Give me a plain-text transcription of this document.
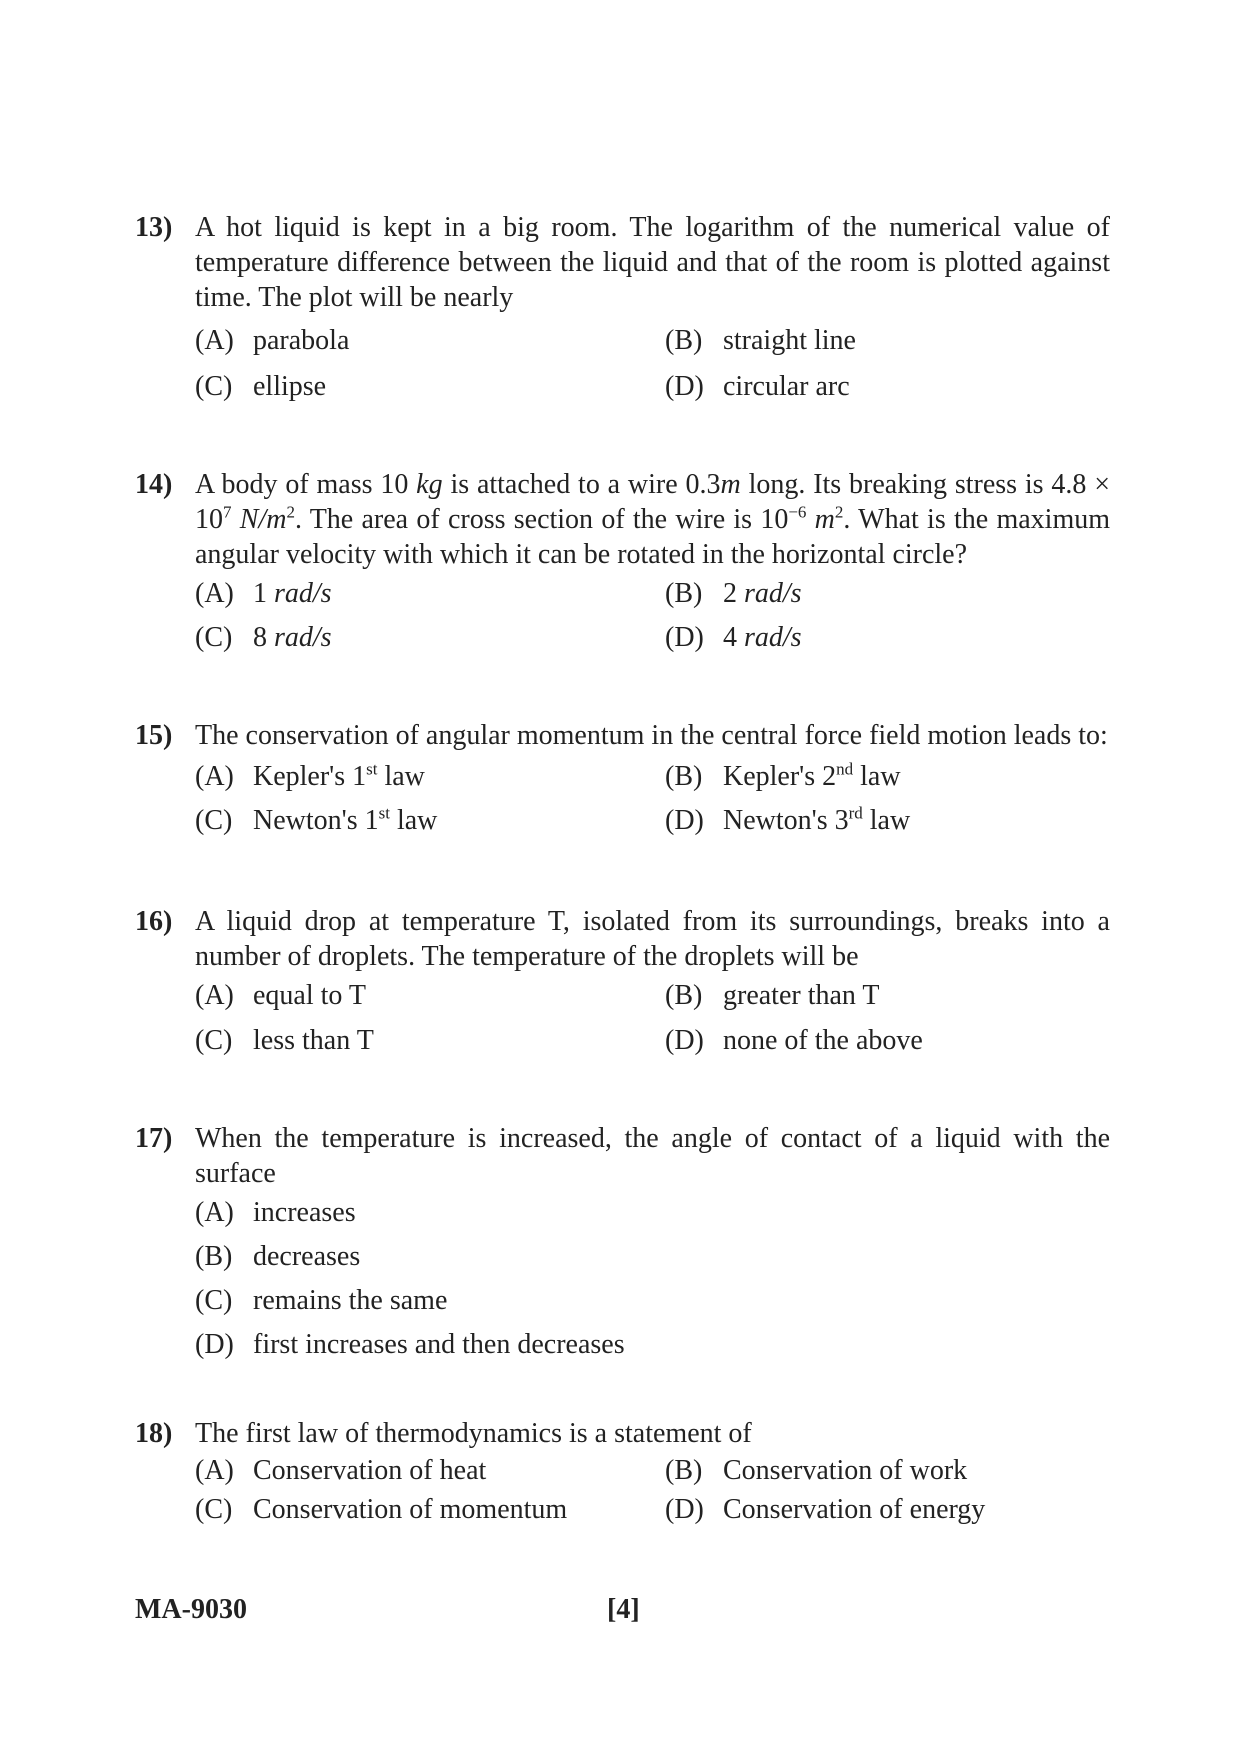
13) A hot liquid is kept in a big room. The logarithm of the numerical value of temperature difference between the liquid and that of the room is plotted against time. The plot will be nearly
(A) parabola	(B) straight line
(C) ellipse	(D) circular arc
14) A body of mass 10 kg is attached to a wire 0.3m long. Its breaking stress is $4.8 \times 10^7$ $N/m^2$. The area of cross section of the wire is $10^{-6}$ $m^2$. What is the maximum angular velocity with which it can be rotated in the horizontal circle?
(A) 1 rad/s	(B) 2 rad/s
(C) 8 rad/s	(D) 4 rad/s
15) The conservation of angular momentum in the central force field motion leads to:
(A) Kepler's 1st law	(B) Kepler's 2nd law
(C) Newton's 1st law	(D) Newton's 3rd law
16) A liquid drop at temperature T, isolated from its surroundings, breaks into a number of droplets. The temperature of the droplets will be
(A) equal to T	(B) greater than T
(C) less than T	(D) none of the above
17) When the temperature is increased, the angle of contact of a liquid with the surface
(A) increases
(B) decreases
(C) remains the same
(D) first increases and then decreases
18) The first law of thermodynamics is a statement of
(A) Conservation of heat	(B) Conservation of work
(C) Conservation of momentum	(D) Conservation of energy
MA-9030	[4]
